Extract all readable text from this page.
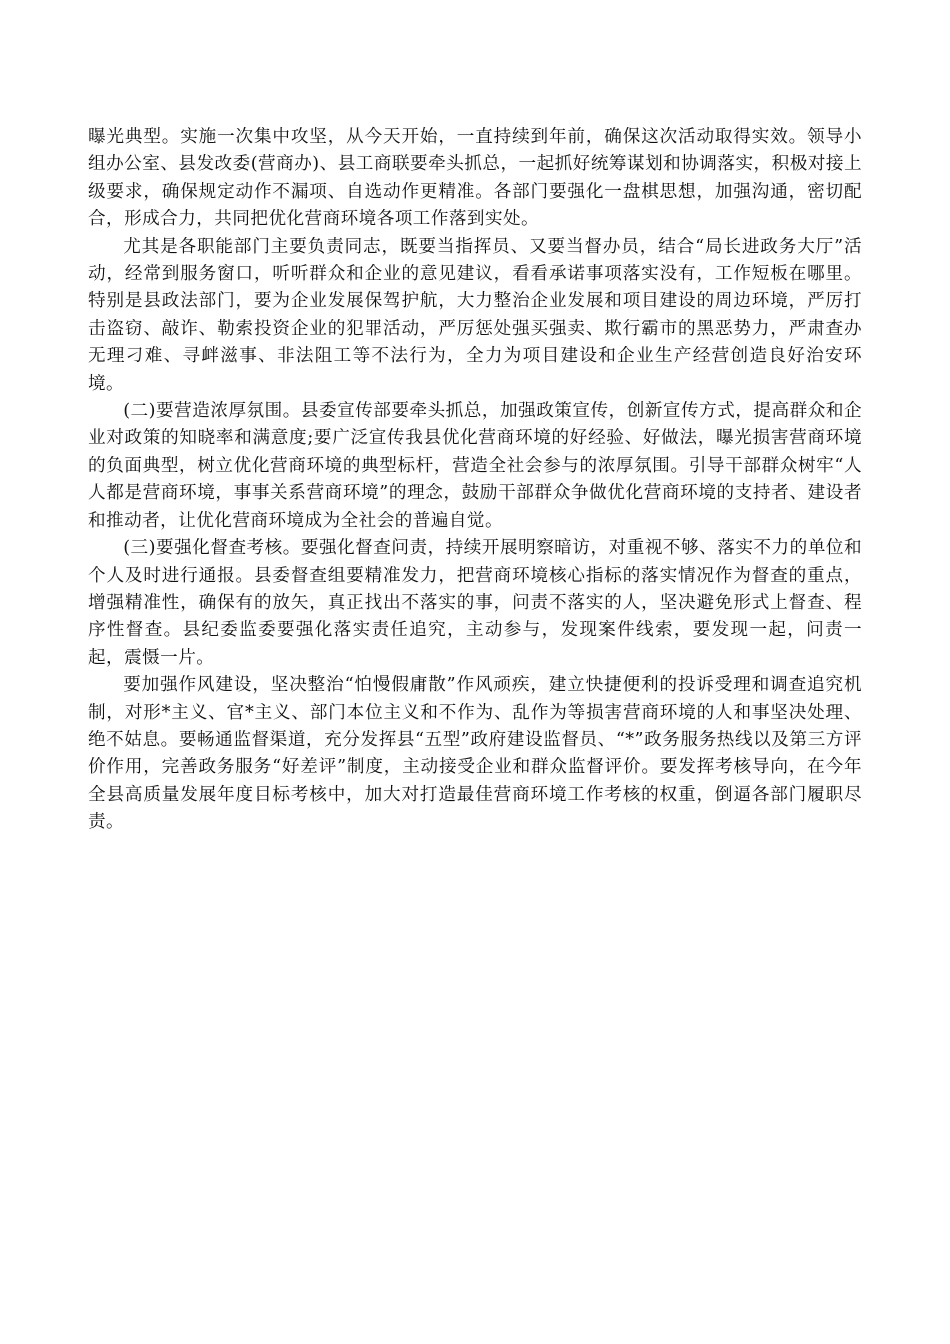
曝光典型。实施一次集中攻坚，从今天开始，一直持续到年前，确保这次活动取得实效。领导小组办公室、县发改委(营商办)、县工商联要牵头抓总，一起抓好统筹谋划和协调落实，积极对接上级要求，确保规定动作不漏项、自选动作更精准。各部门要强化一盘棋思想，加强沟通，密切配合，形成合力，共同把优化营商环境各项工作落到实处。

尤其是各职能部门主要负责同志，既要当指挥员、又要当督办员，结合“局长进政务大厅”活动，经常到服务窗口，听听群众和企业的意见建议，看看承诺事项落实没有，工作短板在哪里。特别是县政法部门，要为企业发展保驾护航，大力整治企业发展和项目建设的周边环境，严厉打击盗窃、敲诈、勒索投资企业的犯罪活动，严厉惩处强买强卖、欺行霸市的黑恶势力，严肃查办无理刁难、寻衅滋事、非法阻工等不法行为，全力为项目建设和企业生产经营创造良好治安环境。

(二)要营造浓厚氛围。县委宣传部要牵头抓总，加强政策宣传，创新宣传方式，提高群众和企业对政策的知晓率和满意度;要广泛宣传我县优化营商环境的好经验、好做法，曝光损害营商环境的负面典型，树立优化营商环境的典型标杆，营造全社会参与的浓厚氛围。引导干部群众树牢“人人都是营商环境，事事关系营商环境”的理念，鼓励干部群众争做优化营商环境的支持者、建设者和推动者，让优化营商环境成为全社会的普遍自觉。

(三)要强化督查考核。要强化督查问责，持续开展明察暗访，对重视不够、落实不力的单位和个人及时进行通报。县委督查组要精准发力，把营商环境核心指标的落实情况作为督查的重点，增强精准性，确保有的放矢，真正找出不落实的事，问责不落实的人，坚决避免形式上督查、程序性督查。县纪委监委要强化落实责任追究，主动参与，发现案件线索，要发现一起，问责一起，震慑一片。

要加强作风建设，坚决整治“怕慢假庸散”作风顽疾，建立快捷便利的投诉受理和调查追究机制，对形*主义、官*主义、部门本位主义和不作为、乱作为等损害营商环境的人和事坚决处理、绝不姑息。要畅通监督渠道，充分发挥县“五型”政府建设监督员、“*”政务服务热线以及第三方评价作用，完善政务服务“好差评”制度，主动接受企业和群众监督评价。要发挥考核导向，在今年全县高质量发展年度目标考核中，加大对打造最佳营商环境工作考核的权重，倒逼各部门履职尽责。
